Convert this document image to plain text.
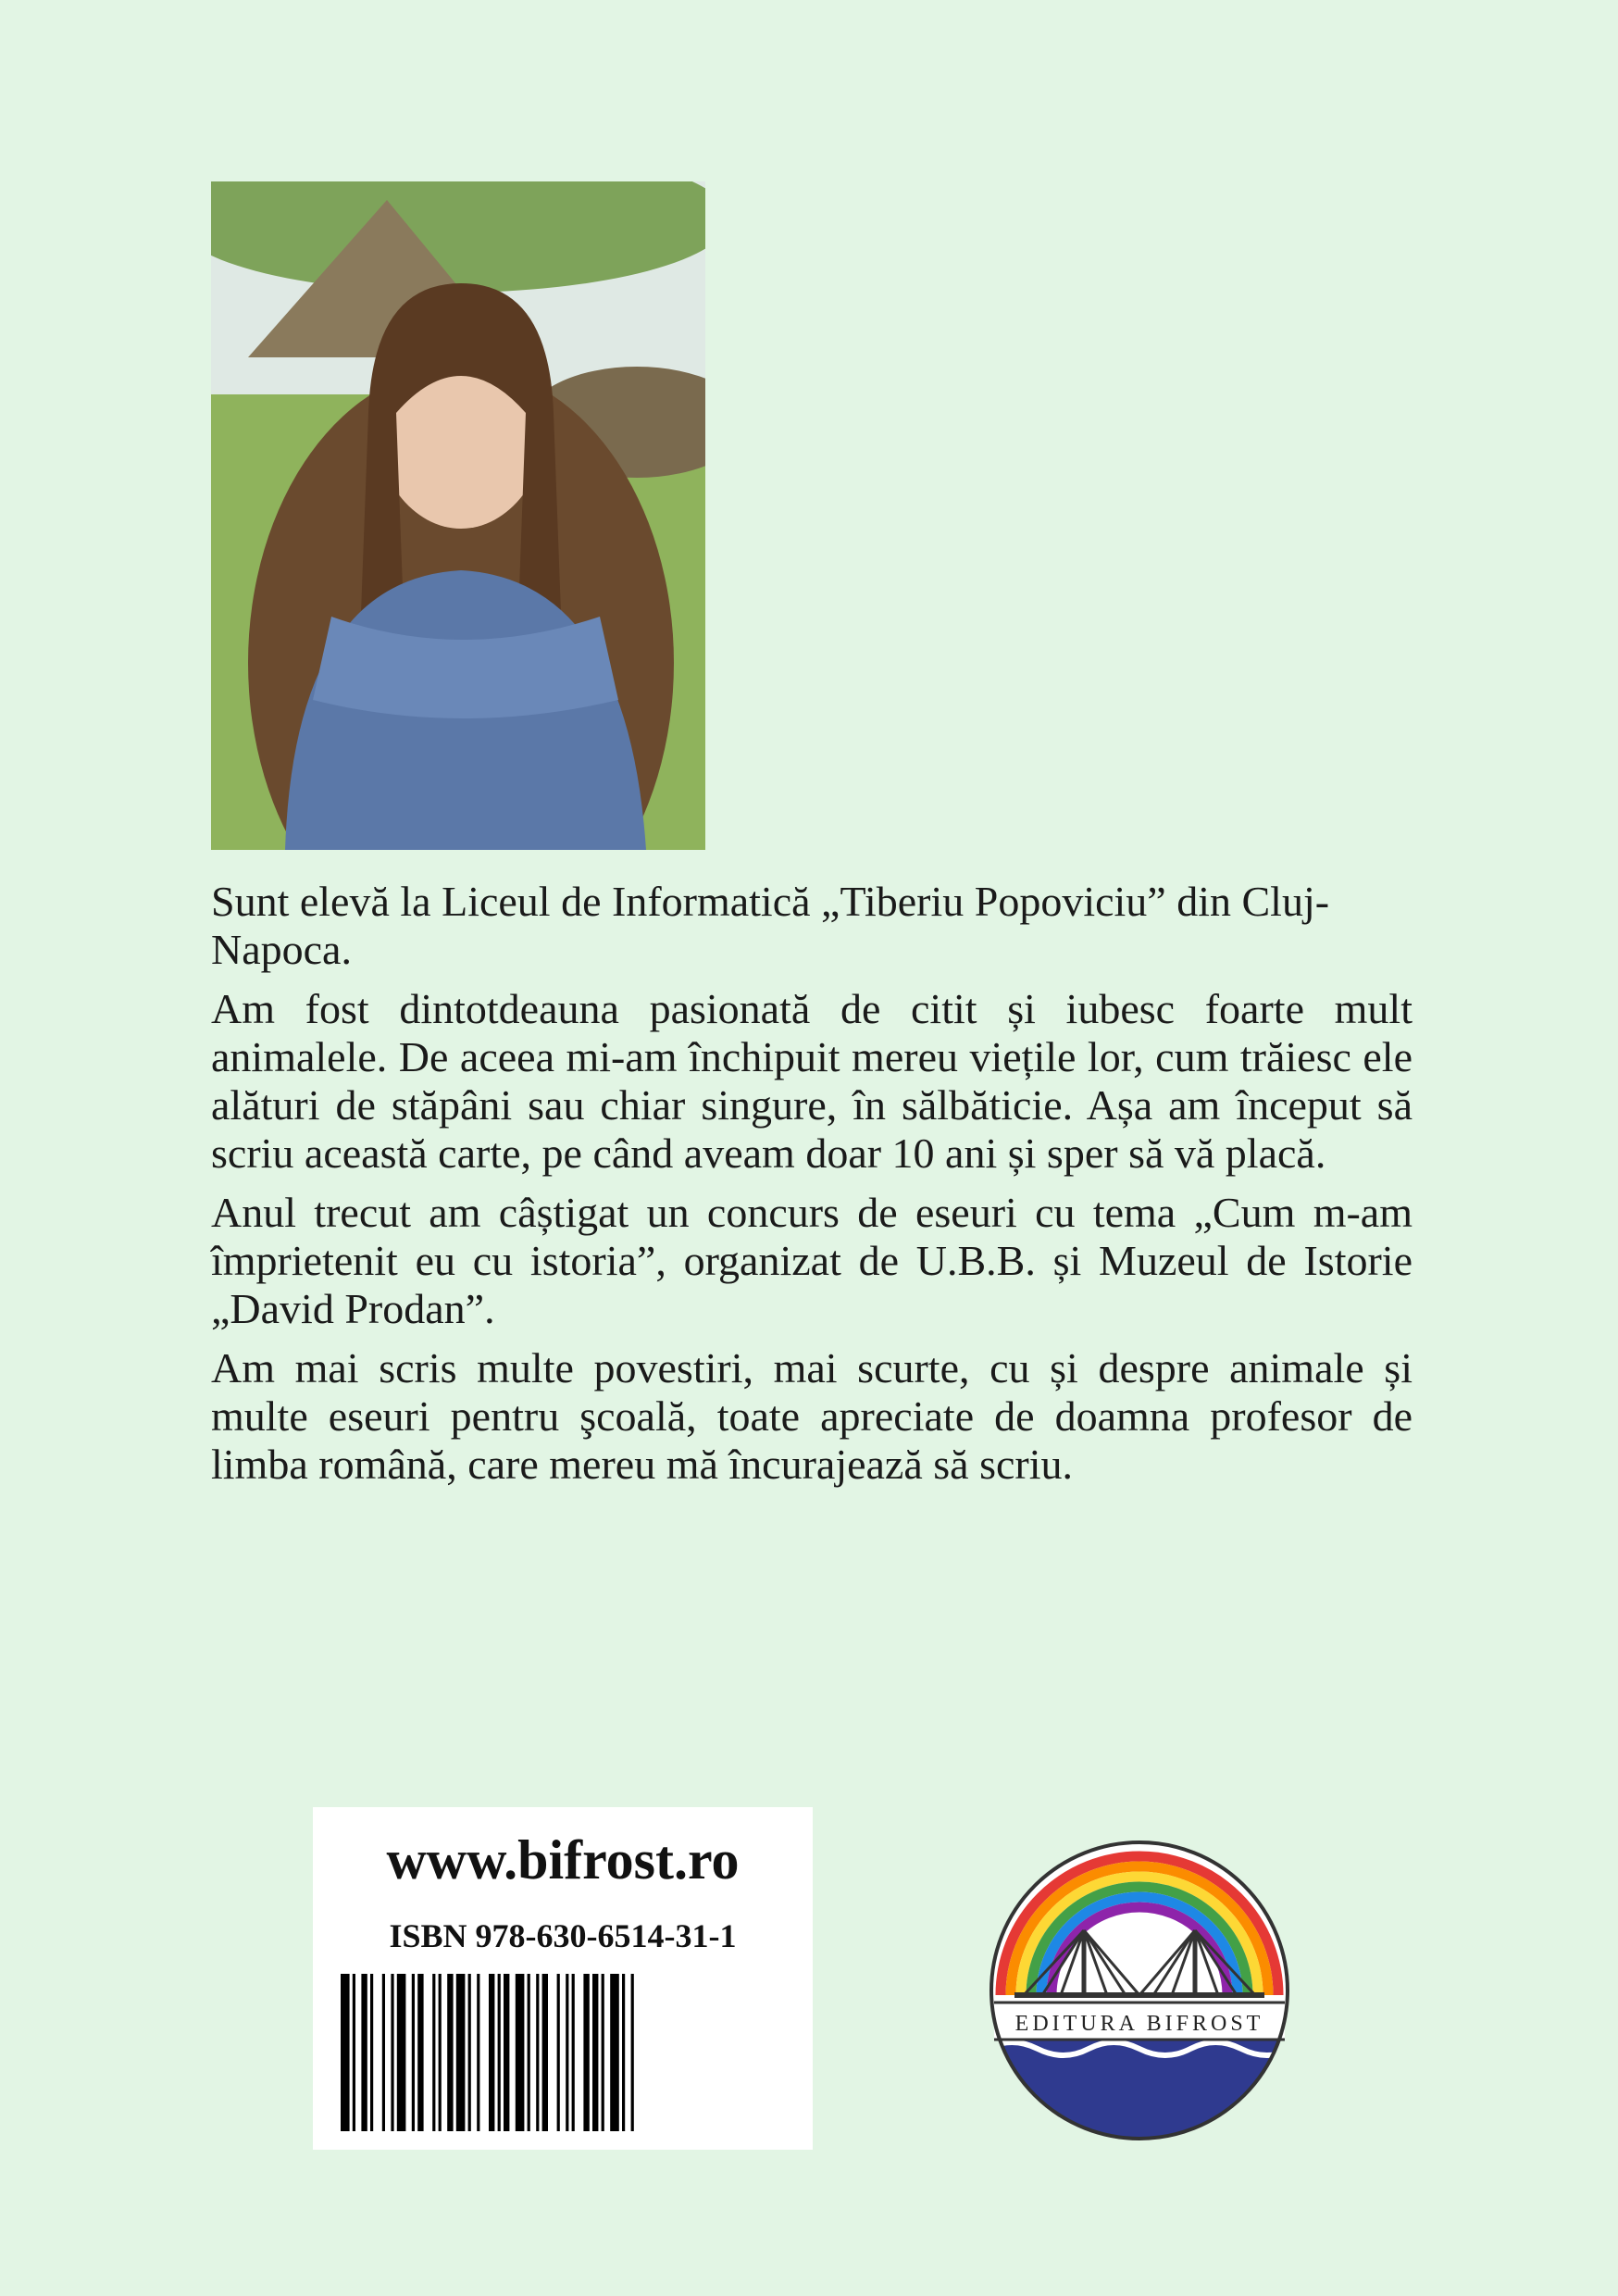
Sunt elevă la Liceul de Informatică „Tiberiu Popoviciu” din Cluj-Napoca.

Am fost dintotdeauna pasionată de citit și iubesc foarte mult animalele. De aceea mi-am închipuit mereu viețile lor, cum trăiesc ele alături de stăpâni sau chiar singure, în sălbăticie. Așa am început să scriu această carte, pe când aveam doar 10 ani și sper să vă placă.

Anul trecut am câștigat un concurs de eseuri cu tema „Cum m-am împrietenit eu cu istoria”, organizat de U.B.B. și Muzeul de Istorie „David Prodan”.

Am mai scris multe povestiri, mai scurte, cu și despre animale și multe eseuri pentru şcoală, toate apreciate de doamna profesor de limba română, care mereu mă încurajează să scriu.

www.bifrost.ro
ISBN 978-630-6514-31-1
EDITURA BIFROST
